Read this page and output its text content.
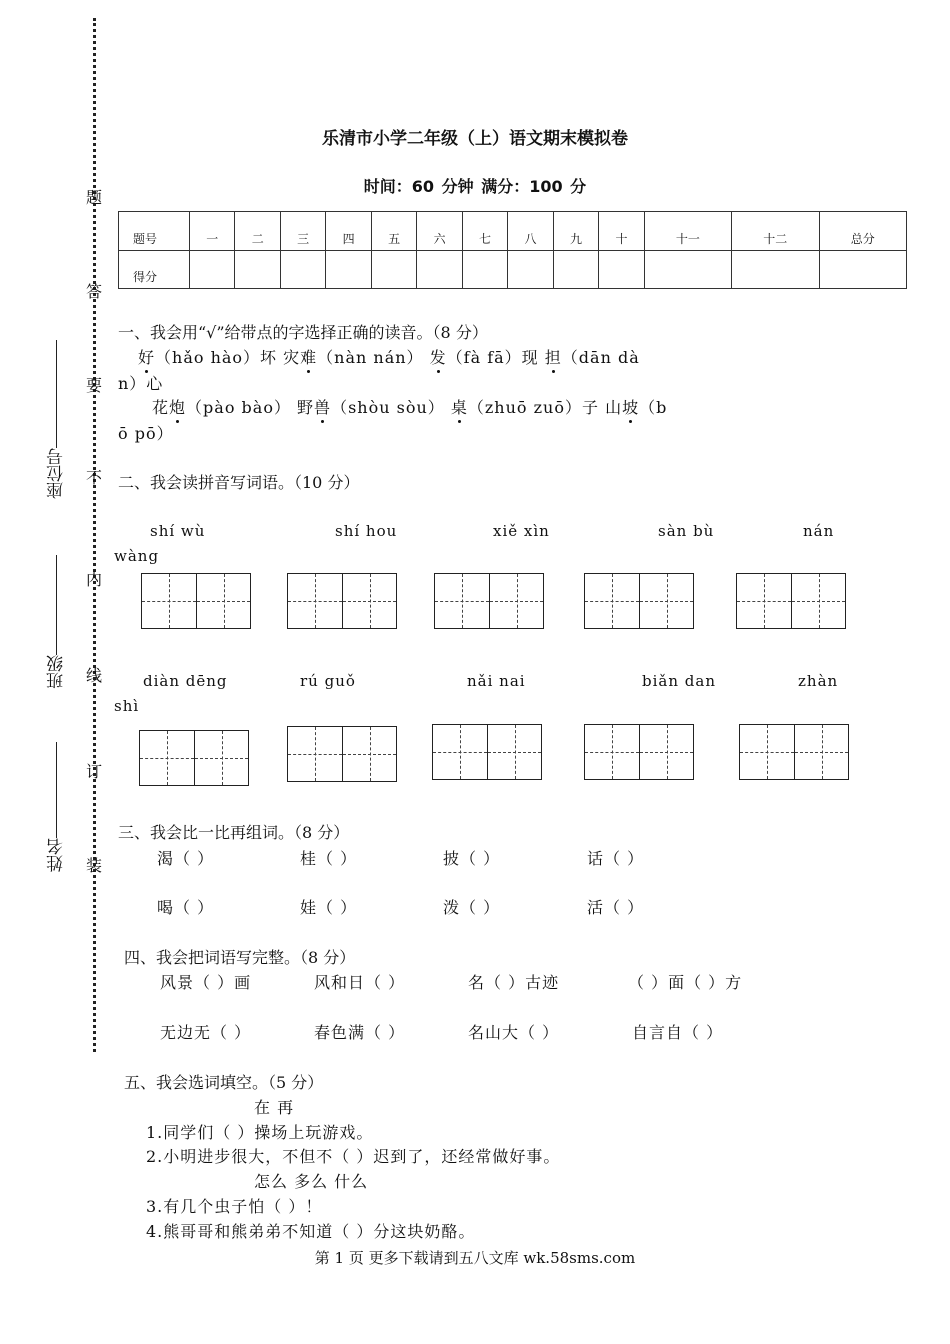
题
答
要
不
内
线
订
装
座位号
班级
姓名
乐清市小学二年级（上）语文期末模拟卷
时间：60 分钟 满分：100 分
题号	一	二	三	四	五	六	七	八	九	十	十一	十二	总分
得分													
一、我会用“√”给带点的字选择正确的读音。（8 分）
好（hǎo hào）坏 灾难（nàn nán） 发（fà fā）现 担（dān dà
n）心
花炮（pào bào） 野兽（shòu sòu） 桌（zhuō zuō）子 山坡（b
ō pō）
二、我会读拼音写词语。（10 分）
shí wù	shí hou	xiě xìn	sàn bù	nán
wàng
diàn dēng	rú guǒ	nǎi nai	biǎn dan	zhàn
shì
三、我会比一比再组词。（8 分）
渴（ ）	桂（ ）	披（ ）	话（ ）
喝（ ）	娃（ ）	泼（ ）	活（ ）
四、我会把词语写完整。（8 分）
风景（ ）画	风和日（ ）	名（ ）古迹	（ ）面（ ）方
无边无（ ）	春色满（ ）	名山大（ ）	自言自（ ）
五、我会选词填空。（5 分）
在 再
1.同学们（ ）操场上玩游戏。
2.小明进步很大，不但不（ ）迟到了，还经常做好事。
怎么 多么 什么
3.有几个虫子怕（ ）！
4.熊哥哥和熊弟弟不知道（ ）分这块奶酪。
第 1 页 更多下载请到五八文库 wk.58sms.com
